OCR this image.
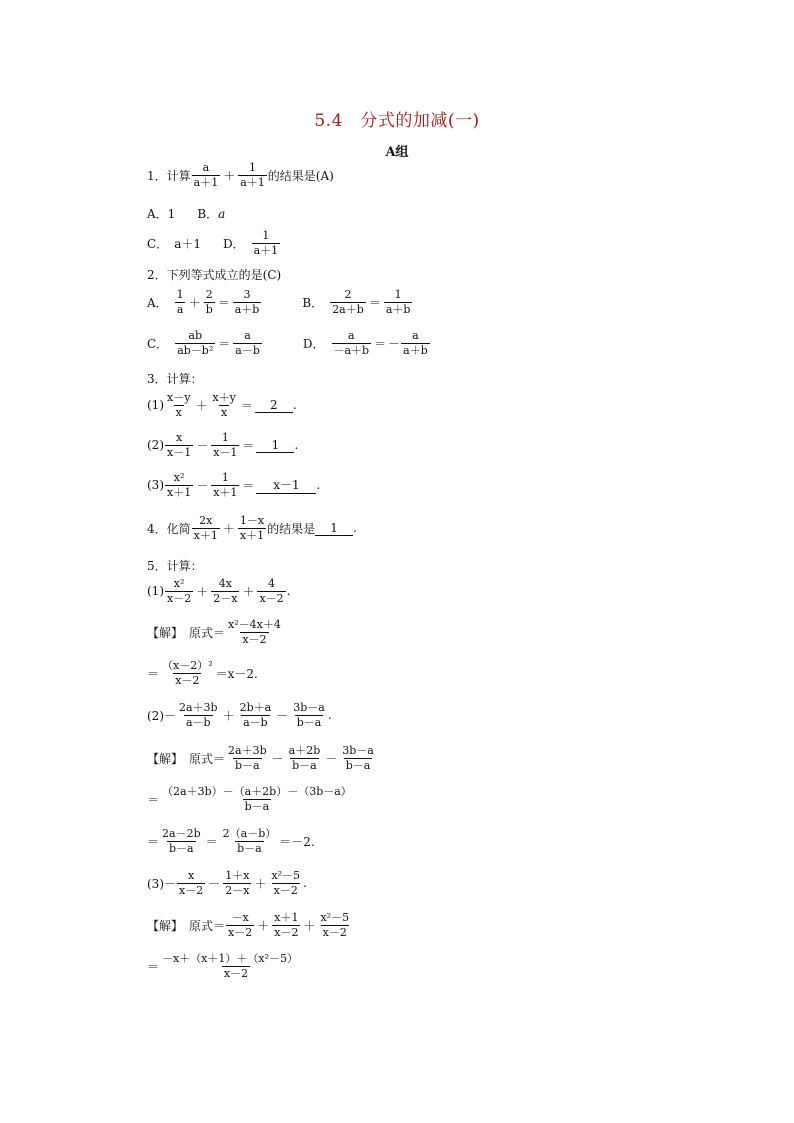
5.4　分式的加减(一)
A组
1．计算 $\frac{a}{a+1} + \frac{1}{a+1}$ 的结果是(A)
A．1 B． a
C． a＋1 D． $\frac{1}{a+1}$
2．下列等式成立的是(C)
A． $\frac{1}{a} + \frac{2}{b} = \frac{3}{a+b}$	B． $\frac{2}{2a+b} = \frac{1}{a+b}$
C． $\frac{ab}{\text{ab－b²}} = \frac{a}{a-b}$	D． $\frac{a}{-a+b}$ ＝ － $\frac{a}{a+b}$
3．计算：
$(1) \frac{x-y}{x} + \frac{x+y}{x}$ ＝	2	.
$(2) \frac{x}{x-1} - \frac{1}{x-1}$ ＝	1	.
$(3) \frac{\text{x²}}{x+1} - \frac{1}{x+1}$ ＝	x－1	.
4．化简 $\frac{2x}{x+1} + \frac{1-x}{x+1}$ 的结果是	1	.
5．计算：
$(1) \frac{\text{x²}}{x-2} + \frac{4x}{2-x} + \frac{4}{x-2}$ .
【解】　原式＝ $\frac{\text{x²－4x＋4}}{x-2}$
＝ $\frac{\text{（x－2）²}}{x-2} =x-2$.
$(2)- \frac{2a+3b}{a-b} + \frac{2b+a}{a-b} - \frac{3b-a}{b-a}$ .
【解】　原式＝ $\frac{2a+3b}{b-a} - \frac{a+2b}{b-a} - \frac{3b-a}{b-a}$
＝ $\frac{(2a+3b)-(a+2b)-(3b-a)}{b-a}$
＝ $\frac{2a-2b}{b-a} = \frac{2(a-b)}{b-a} =-2$.
$(3)- \frac{x}{x-2} - \frac{1+x}{2-x} + \frac{\text{x²－5}}{x-2}$ .
【解】　原式＝ $\frac{-x}{x-2} + \frac{x+1}{x-2} + \frac{\text{x²－5}}{x-2}$
＝ $\frac{\text{－x＋（x＋1）＋（x²－5）}}{x-2}$
